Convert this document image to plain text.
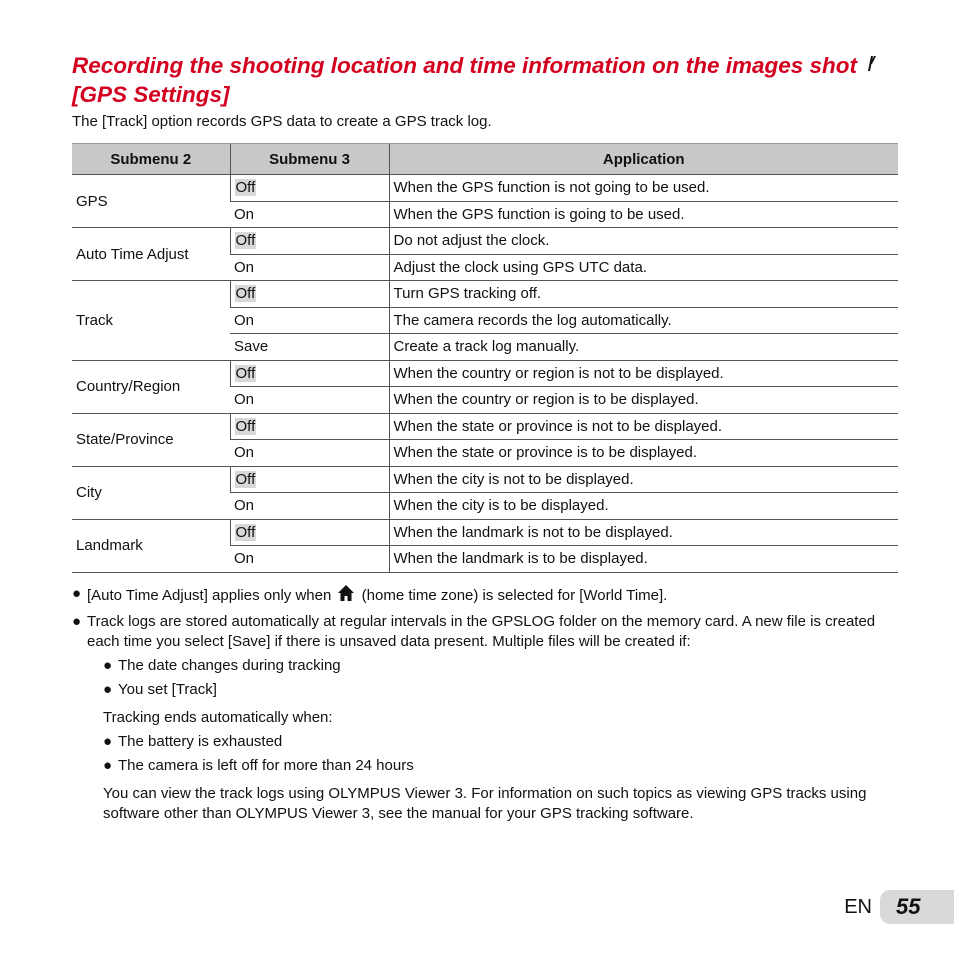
Recording the shooting location and time information on the images shot  [GPS Settings]
The [Track] option records GPS data to create a GPS track log.
Submenu 2	Submenu 3	Application
GPS	Off	When the GPS function is not going to be used.
	On	When the GPS function is going to be used.
Auto Time Adjust	Off	Do not adjust the clock.
	On	Adjust the clock using GPS UTC data.
Track	Off	Turn GPS tracking off.
	On	The camera records the log automatically.
	Save	Create a track log manually.
Country/Region	Off	When the country or region is not to be displayed.
	On	When the country or region is to be displayed.
State/Province	Off	When the state or province is not to be displayed.
	On	When the state or province is to be displayed.
City	Off	When the city is not to be displayed.
	On	When the city is to be displayed.
Landmark	Off	When the landmark is not to be displayed.
	On	When the landmark is to be displayed.
● [Auto Time Adjust] applies only when (home time zone) is selected for [World Time].
● Track logs are stored automatically at regular intervals in the GPSLOG folder on the memory card. A new file is created each time you select [Save] if there is unsaved data present. Multiple files will be created if:
● The date changes during tracking
● You set [Track]
Tracking ends automatically when:
● The battery is exhausted
● The camera is left off for more than 24 hours
You can view the track logs using OLYMPUS Viewer 3. For information on such topics as viewing GPS tracks using software other than OLYMPUS Viewer 3, see the manual for your GPS tracking software.
EN	55
